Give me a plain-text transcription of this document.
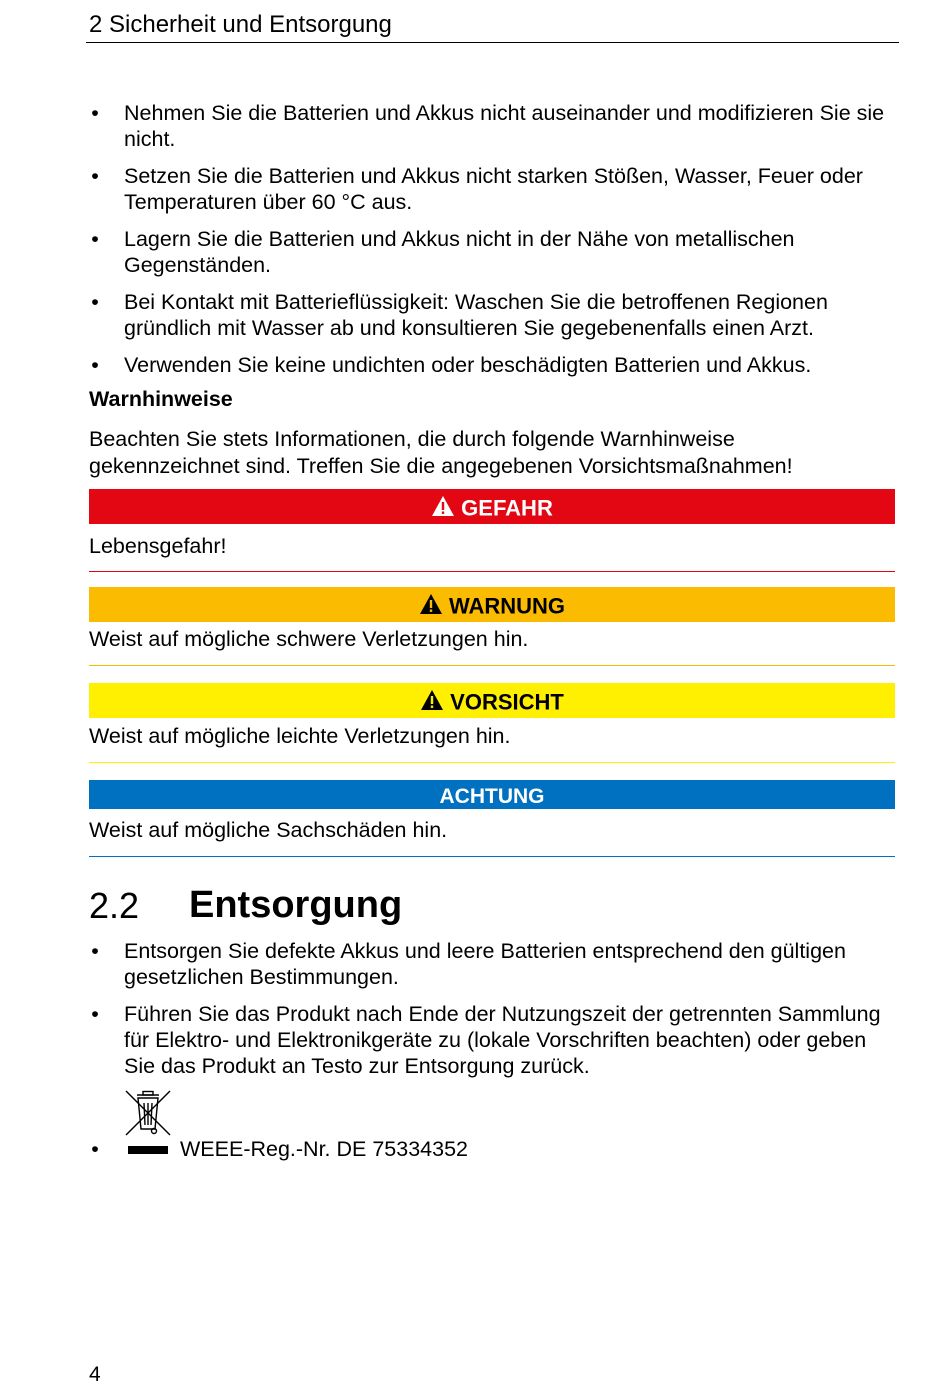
2 Sicherheit und Entsorgung
• Nehmen Sie die Batterien und Akkus nicht auseinander und modifizieren Sie sie nicht.
• Setzen Sie die Batterien und Akkus nicht starken Stößen, Wasser, Feuer oder Temperaturen über 60 °C aus.
• Lagern Sie die Batterien und Akkus nicht in der Nähe von metallischen Gegenständen.
• Bei Kontakt mit Batterieflüssigkeit: Waschen Sie die betroffenen Regionen gründlich mit Wasser ab und konsultieren Sie gegebenenfalls einen Arzt.
• Verwenden Sie keine undichten oder beschädigten Batterien und Akkus.
Warnhinweise
Beachten Sie stets Informationen, die durch folgende Warnhinweise gekennzeichnet sind. Treffen Sie die angegebenen Vorsichtsmaßnahmen!
GEFAHR
Lebensgefahr!
WARNUNG
Weist auf mögliche schwere Verletzungen hin.
VORSICHT
Weist auf mögliche leichte Verletzungen hin.
ACHTUNG
Weist auf mögliche Sachschäden hin.
2.2 Entsorgung
• Entsorgen Sie defekte Akkus und leere Batterien entsprechend den gültigen gesetzlichen Bestimmungen.
• Führen Sie das Produkt nach Ende der Nutzungszeit der getrennten Sammlung für Elektro- und Elektronikgeräte zu (lokale Vorschriften beachten) oder geben Sie das Produkt an Testo zur Entsorgung zurück.
•	WEEE-Reg.-Nr. DE 75334352
4
